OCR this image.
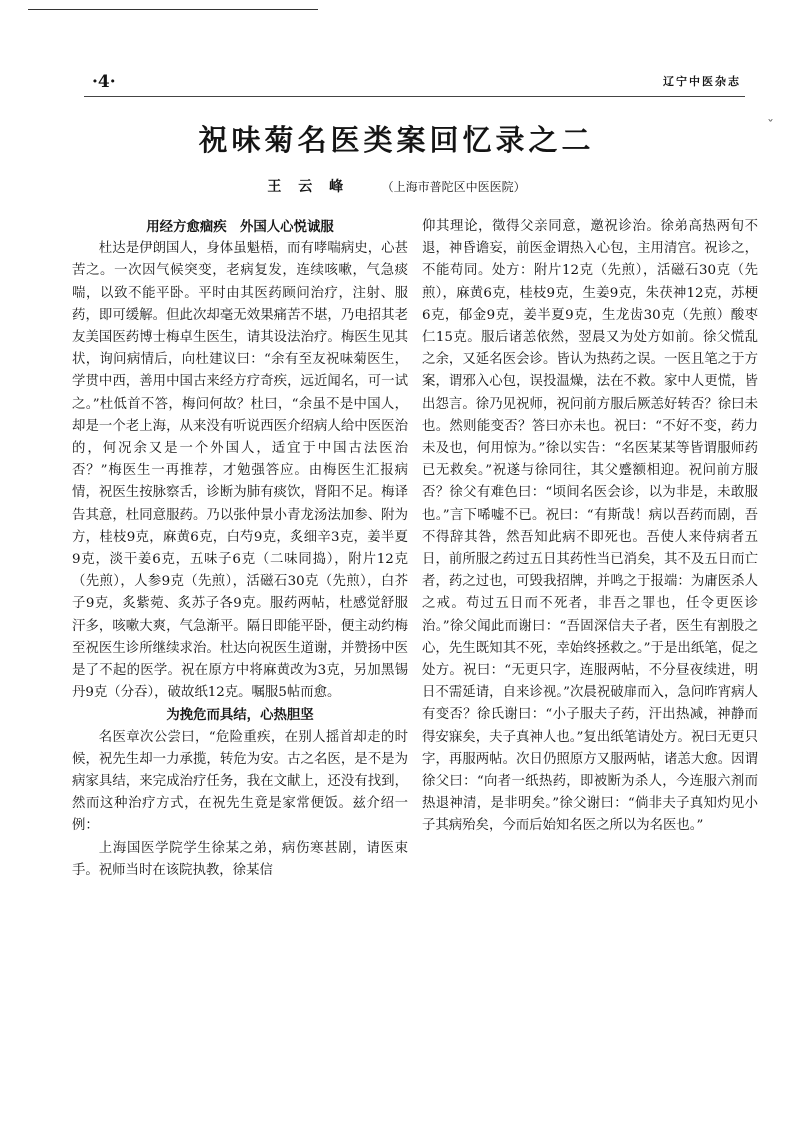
·4·	辽宁中医杂志
ˇ
祝味菊名医类案回忆录之二
王 云 峰	（上海市普陀区中医医院）
用经方愈痼疾　外国人心悦诚服

杜达是伊朗国人，身体虽魁梧，而有哮喘病史，心甚苦之。一次因气候突变，老病复发，连续咳嗽，气急痰喘，以致不能平卧。平时由其医药顾问治疗，注射、服药，即可缓解。但此次却毫无效果痛苦不堪，乃电招其老友美国医药博士梅卓生医生，请其设法治疗。梅医生见其状，询问病情后，向杜建议曰：“余有至友祝味菊医生，学贯中西，善用中国古来经方疗奇疾，远近闻名，可一试之。”杜低首不答，梅问何故？杜曰，“余虽不是中国人，却是一个老上海，从来没有听说西医介绍病人给中医医治的，何况余又是一个外国人，适宜于中国古法医治否？”梅医生一再推荐，才勉强答应。由梅医生汇报病情，祝医生按脉察舌，诊断为肺有痰饮，肾阳不足。梅译告其意，杜同意服药。乃以张仲景小青龙汤法加参、附为方，桂枝9克，麻黄6克，白芍9克，炙细辛3克，姜半夏9克，淡干姜6克，五味子6克（二味同捣），附片12克（先煎），人参9克（先煎），活磁石30克（先煎），白芥子9克，炙紫菀、炙苏子各9克。服药两帖，杜感觉舒服汗多，咳嗽大爽，气急渐平。隔日即能平卧，便主动约梅至祝医生诊所继续求治。杜达向祝医生道谢，并赞扬中医是了不起的医学。祝在原方中将麻黄改为3克，另加黑锡丹9克（分吞），破故纸12克。嘱服5帖而愈。

为挽危而具结，心热胆坚

名医章次公尝曰，“危险重疾，在别人摇首却走的时候，祝先生却一力承揽，转危为安。古之名医，是不是为病家具结，来完成治疗任务，我在文献上，还没有找到，然而这种治疗方式，在祝先生竟是家常便饭。兹介绍一例：

上海国医学院学生徐某之弟，病伤寒甚剧，请医束手。祝师当时在该院执教，徐某信

仰其理论，徵得父亲同意，邀祝诊治。徐弟高热两旬不退，神昏谵妄，前医金谓热入心包，主用清宫。祝诊之，不能苟同。处方：附片12克（先煎），活磁石30克（先煎），麻黄6克，桂枝9克，生姜9克，朱茯神12克，苏梗6克，郁金9克，姜半夏9克，生龙齿30克（先煎）酸枣仁15克。服后诸恙依然，翌晨又为处方如前。徐父慌乱之余，又延名医会诊。皆认为热药之误。一医且笔之于方案，谓邪入心包，误投温燥，法在不救。家中人更慌，皆出怨言。徐乃见祝师，祝问前方服后厥恙好转否？徐曰未也。然则能变否？答曰亦未也。祝曰：“不好不变，药力未及也，何用惊为。”徐以实告：“名医某某等皆谓服师药已无救矣。”祝遂与徐同往，其父蹙额相迎。祝问前方服否？徐父有难色曰：“顷间名医会诊，以为非是，未敢服也。”言下唏嘘不已。祝曰：“有斯哉！病以吾药而剧，吾不得辞其咎，然吾知此病不即死也。吾使人来侍病者五日，前所服之药过五日其药性当已消矣，其不及五日而亡者，药之过也，可毁我招牌，并鸣之于报端：为庸医杀人之戒。苟过五日而不死者，非吾之罪也，任令更医诊治。”徐父闻此而谢曰：“吾固深信夫子者，医生有割股之心，先生既知其不死，幸始终拯救之。”于是出纸笔，促之处方。祝曰：“无更只字，连服两帖，不分昼夜续进，明日不需延请，自来诊视。”次晨祝破扉而入，急问昨宵病人有变否？徐氏谢曰：“小子服夫子药，汗出热减，神静而得安寐矣，夫子真神人也。”复出纸笔请处方。祝曰无更只字，再服两帖。次日仍照原方又服两帖，诸恙大愈。因谓徐父曰：“向者一纸热药，即被断为杀人，今连服六剂而热退神清，是非明矣。”徐父谢曰：“倘非夫子真知灼见小子其病殆矣，今而后始知名医之所以为名医也。”
